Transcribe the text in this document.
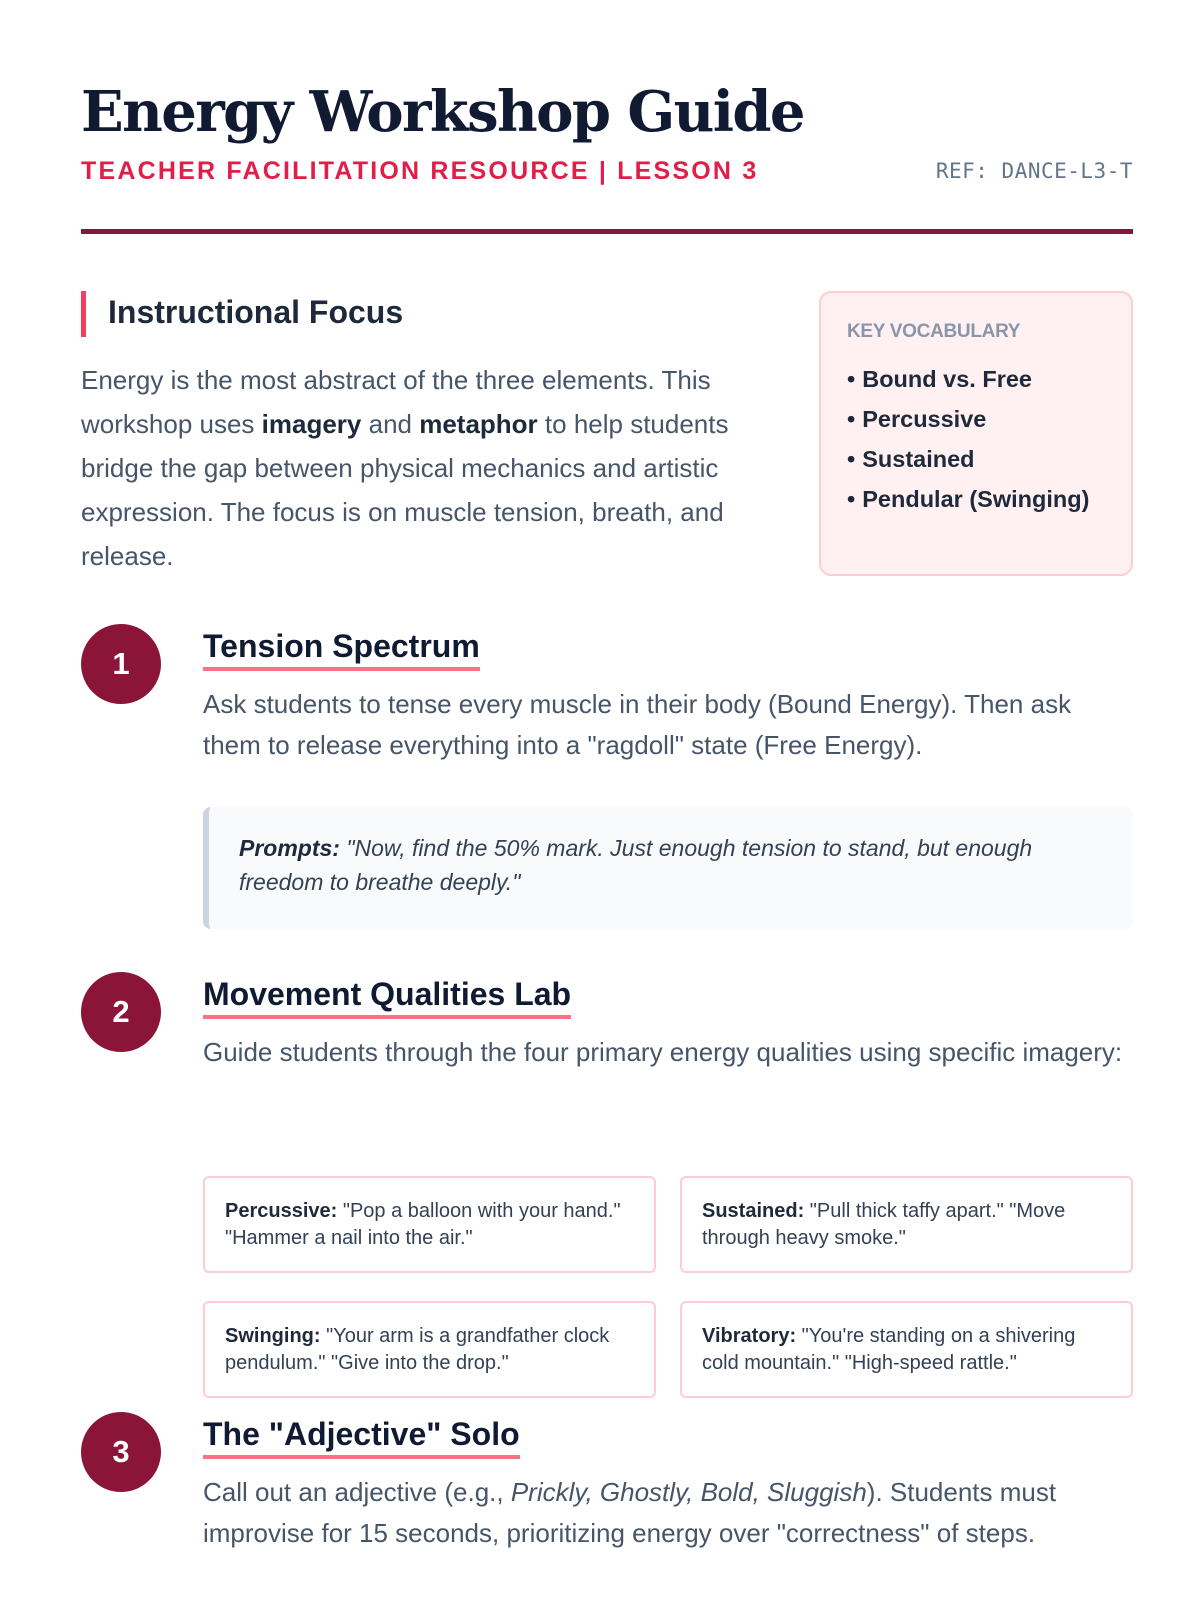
Energy Workshop Guide
TEACHER FACILITATION RESOURCE | LESSON 3	REF: DANCE-L3-T
Instructional Focus

Energy is the most abstract of the three elements. This workshop uses imagery and metaphor to help students bridge the gap between physical mechanics and artistic expression. The focus is on muscle tension, breath, and release.

KEY VOCABULARY
• Bound vs. Free
• Percussive
• Sustained
• Pendular (Swinging)
1	Tension Spectrum

Ask students to tense every muscle in their body (Bound Energy). Then ask them to release everything into a "ragdoll" state (Free Energy).

Prompts: "Now, find the 50% mark. Just enough tension to stand, but enough freedom to breathe deeply."
2	Movement Qualities Lab

Guide students through the four primary energy qualities using specific imagery:

Percussive: "Pop a balloon with your hand." "Hammer a nail into the air."
Sustained: "Pull thick taffy apart." "Move through heavy smoke."
Swinging: "Your arm is a grandfather clock pendulum." "Give into the drop."
Vibratory: "You're standing on a shivering cold mountain." "High-speed rattle."
3	The "Adjective" Solo

Call out an adjective (e.g., Prickly, Ghostly, Bold, Sluggish). Students must improvise for 15 seconds, prioritizing energy over "correctness" of steps.
